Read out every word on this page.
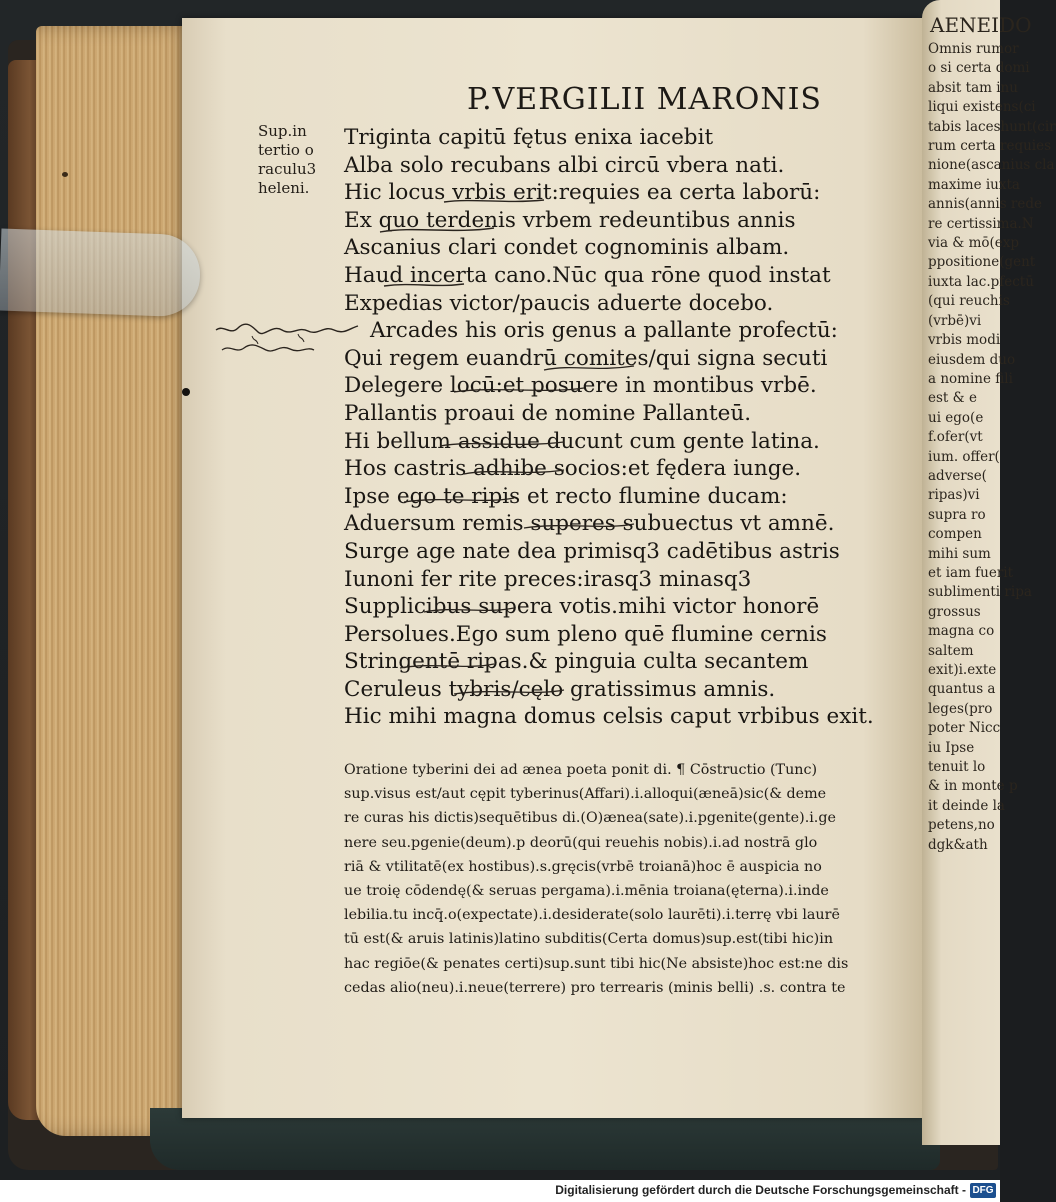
AENEIDO
Omnis rumor
o si certa domi
absit tam inu
liqui existens(ci
tabis laceshunt(cir
rum certa requies
nione(ascanius cla
maxime iuxta
annis(annis rede
re certissima.N
via & mō(exp
ppositione(gent
iuxta lac.pfectū
(qui reuchis
(vrbē)vi
vrbis modi
eiusdem duo
a nomine fili
est & e
ui ego(e
f.ofer(vt
ium. offer(
adverse(
ripas)vi
supra ro
compen
mihi sum
et iam fuerit
sublimenti ripa
grossus
magna co
saltem
exit)i.exte
quantus a
leges(pro
poter Nicc
iu Ipse
tenuit lo
& in monte p
it deinde la
petens,no
dgk&ath
P.VERGILII MARONIS
Sup.in
tertio o
raculu3
heleni.
Triginta capitū fętus enixa iacebit
Alba solo recubans albi circū vbera nati.
Hic locus vrbis erit:requies ea certa laborū:
Ex quo terdenis vrbem redeuntibus annis
Ascanius clari condet cognominis albam.
Haud incerta cano.Nūc qua rōne quod instat
Expedias victor/paucis aduerte docebo.
Arcades his oris genus a pallante profectū:
Qui regem euandrū comites/qui signa secuti
Delegere locū:et posuere in montibus vrbē.
Pallantis proaui de nomine Pallanteū.
Hi bellum assidue ducunt cum gente latina.
Hos castris adhibe socios:et fędera iunge.
Ipse ego te ripis et recto flumine ducam:
Aduersum remis superes subuectus vt amnē.
Surge age nate dea primisq3 cadētibus astris
Iunoni fer rite preces:irasq3 minasq3
Supplicibus supera votis.mihi victor honorē
Persolues.Ego sum pleno quē flumine cernis
Stringentē ripas.& pinguia culta secantem
Ceruleus tybris/cęlo gratissimus amnis.
Hic mihi magna domus celsis caput vrbibus exit.
Oratione tyberini dei ad ænea poeta ponit di. ¶ Cōstructio (Tunc)
sup.visus est/aut cępit tyberinus(Affari).i.alloqui(æneā)sic(& deme
re curas his dictis)sequētibus di.(O)ænea(sate).i.pgenite(gente).i.ge
nere seu.pgenie(deum).p deorū(qui reuehis nobis).i.ad nostrā glo
riā & vtilitatē(ex hostibus).s.gręcis(vrbē troianā)hoc ē auspicia no
ue troię cōdendę(& seruas pergama).i.mēnia troiana(ęterna).i.inde
lebilia.tu incq̄.o(expectate).i.desiderate(solo laurēti).i.terrę vbi laurē
tū est(& aruis latinis)latino subditis(Certa domus)sup.est(tibi hic)in
hac regiōe(& penates certi)sup.sunt tibi hic(Ne absiste)hoc est:ne dis
cedas alio(neu).i.neue(terrere) pro terrearis (minis belli) .s. contra te
Digitalisierung gefördert durch die Deutsche Forschungsgemeinschaft - DFG
